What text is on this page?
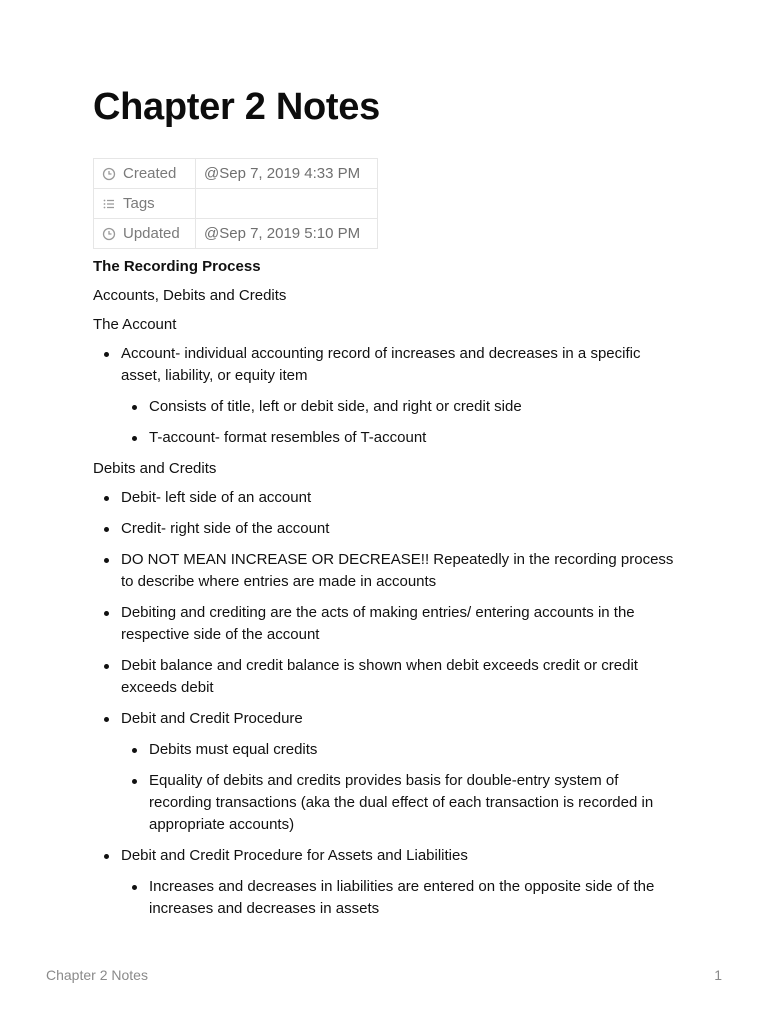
Chapter 2 Notes
Created	@Sep 7, 2019 4:33 PM
Tags	
Updated	@Sep 7, 2019 5:10 PM

The Recording Process

Accounts, Debits and Credits

The Account

Account- individual accounting record of increases and decreases in a specific asset, liability, or equity item
Consists of title, left or debit side, and right or credit side
T-account- format resembles of T-account

Debits and Credits

Debit- left side of an account
Credit- right side of the account
DO NOT MEAN INCREASE OR DECREASE!! Repeatedly in the recording process to describe where entries are made in accounts
Debiting and crediting are the acts of making entries/ entering accounts in the respective side of the account
Debit balance and credit balance is shown when debit exceeds credit or credit exceeds debit
Debit and Credit Procedure
Debits must equal credits
Equality of debits and credits provides basis for double-entry system of recording transactions (aka the dual effect of each transaction is recorded in appropriate accounts)
Debit and Credit Procedure for Assets and Liabilities
Increases and decreases in liabilities are entered on the opposite side of the increases and decreases in assets
Chapter 2 Notes	1
